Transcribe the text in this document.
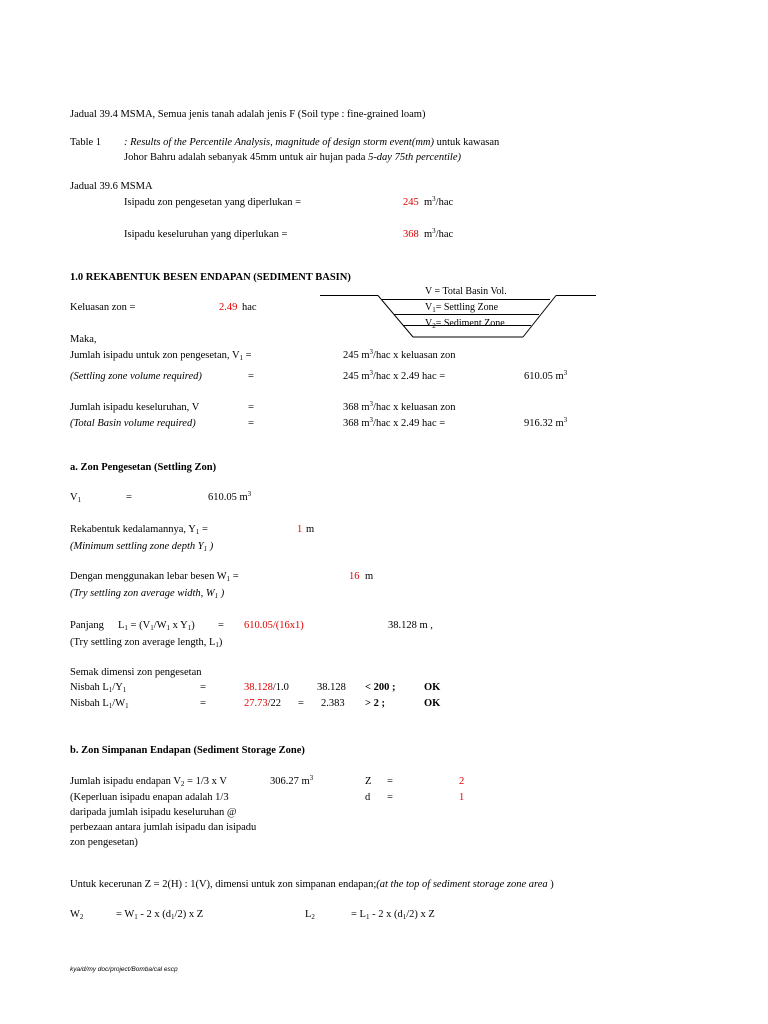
Jadual 39.4 MSMA, Semua jenis tanah adalah jenis F (Soil type : fine-grained loam)
Table 1 : Results of the Percentile Analysis, magnitude of design storm event(mm) untuk kawasan
Johor Bahru adalah sebanyak 45mm untuk air hujan pada 5-day 75th percentile)
Jadual 39.6 MSMA
Isipadu zon pengesetan yang diperlukan =	245 $m^3$/hac
Isipadu keseluruhan yang diperlukan =	368 $m^3$/hac
1.0 REKABENTUK BESEN ENDAPAN (SEDIMENT BASIN)
Keluasan zon =	2.49 hac
V = Total Basin Vol.
$V_1=$ Settling Zone
$V_2=$ Sediment Zone
Maka,
Jumlah isipadu untuk zon pengesetan, $V_1$ =	245 $m^3$/hac x keluasan zon
(Settling zone volume required)	=	245 $m^3$/hac x 2.49 hac =	610.05 $m^3$
Jumlah isipadu keseluruhan, V	=	368 $m^3$/hac x keluasan zon
(Total Basin volume required)	=	368 $m^3$/hac x 2.49 hac =	916.32 $m^3$
a. Zon Pengesetan (Settling Zon)
$V_1$	=	610.05 $m^3$
Rekabentuk kedalamannya, $Y_1$ =	1 m
(Minimum settling zone depth $Y_1$ )
Dengan menggunakan lebar besen $W_1$ =	16 m
(Try settling zon average width, $W_1$ )
Panjang $L_1 = (V_1/W_1$ x $Y_1) = 610.05/(16x1)$	38.128 m ,
(Try settling zon average length, $L_1$)
Semak dimensi zon pengesetan
Nisbah $L_1/Y_1$	=	38.128/1.0	38.128 < 200 ;	OK
Nisbah $L_1/W_1$	=	27.73/22 = 2.383 > 2 ;	OK
b. Zon Simpanan Endapan (Sediment Storage Zone)
Jumlah isipadu endapan $V_2 = 1/3$ x V	306.27 $m^3$	Z =	2
(Keperluan isipadu enapan adalah 1/3	d =	1
daripada jumlah isipadu keseluruhan @
perbezaan antara jumlah isipadu dan isipadu
zon pengesetan)
Untuk kecerunan Z = 2(H) : 1(V), dimensi untuk zon simpanan endapan;(at the top of sediment storage zone area )
$W_2$	= $W_1 - 2$ x $(d_1/2)$ x Z	$L_2$	= $L_1 - 2$ x $(d_1/2)$ x Z
kya/d/my doc/project/Bomba/cal escp
